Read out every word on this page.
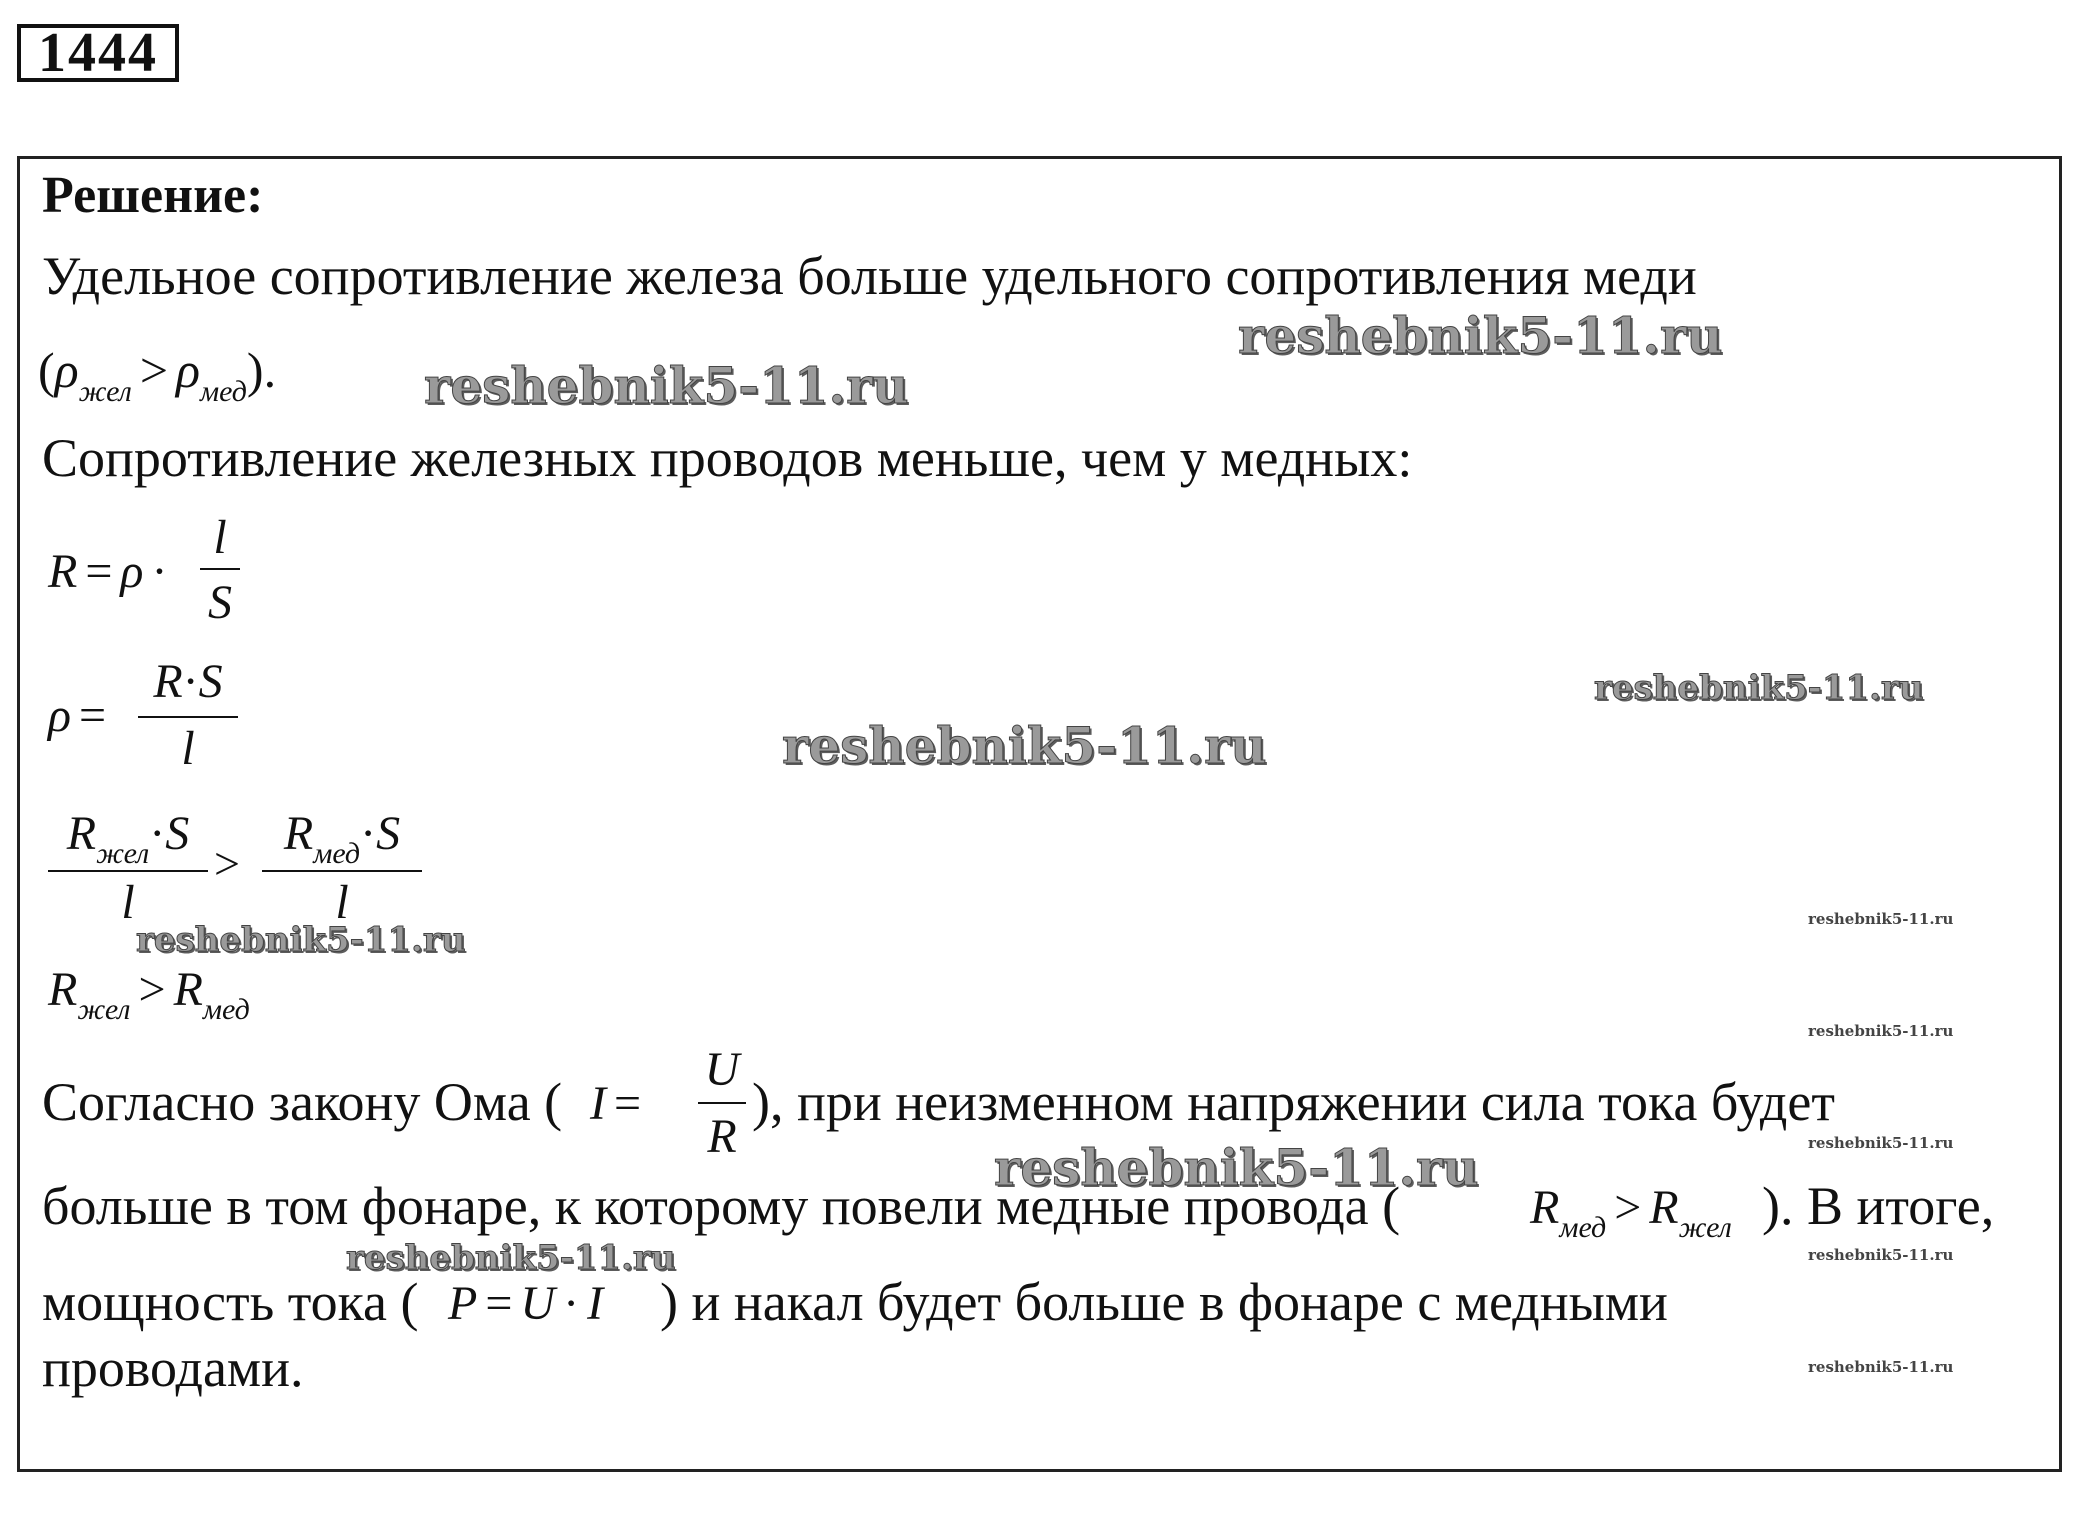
1444
Решение:
Удельное сопротивление железа больше удельного сопротивления меди
$(\rho_{жел} > \rho_{мед})$.
Сопротивление железных проводов меньше, чем у медных:
R = ρ ·
l
S
ρ =
R·S
l
$R_{жел}\cdot S$
l
>
$R_{мед}\cdot S$
l
$R_{жел} > R_{мед}$
Согласно закону Ома ( I =
U
R
), при неизменном напряжении сила тока будет
больше в том фонаре, к которому повели медные провода (	$R_{мед} > R_{жел}$ ). В итоге,
мощность тока ( P = U · I ) и накал будет больше в фонаре с медными
проводами.
reshebnik5-11.ru
reshebnik5-11.ru
reshebnik5-11.ru
reshebnik5-11.ru
reshebnik5-11.ru
reshebnik5-11.ru
reshebnik5-11.ru
reshebnik5-11.ru
reshebnik5-11.ru
reshebnik5-11.ru
reshebnik5-11.ru
reshebnik5-11.ru
